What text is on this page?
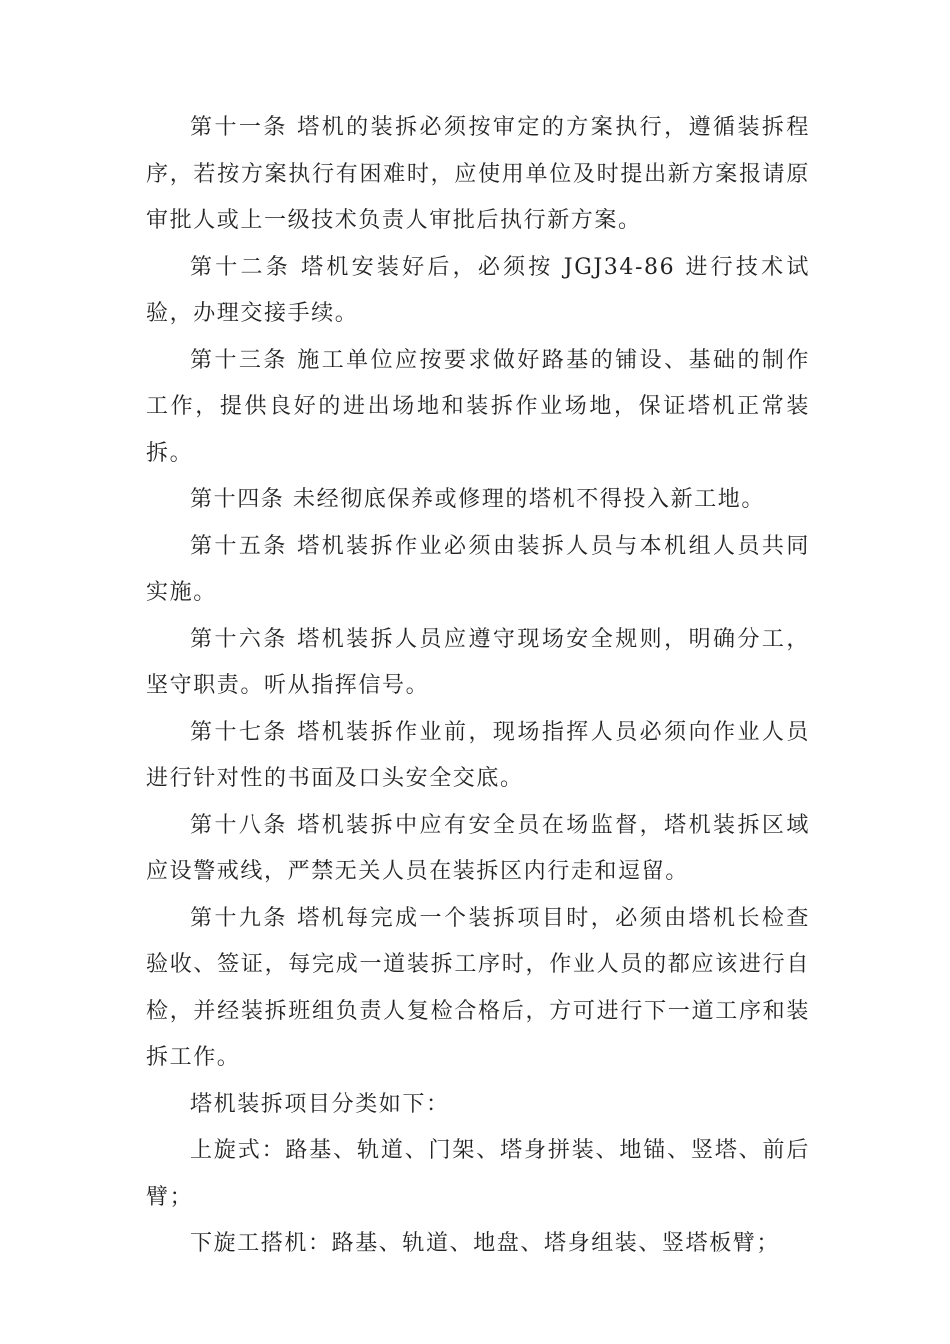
第十一条 塔机的装拆必须按审定的方案执行，遵循装拆程序，若按方案执行有困难时，应使用单位及时提出新方案报请原审批人或上一级技术负责人审批后执行新方案。

第十二条 塔机安装好后，必须按 JGJ34-86 进行技术试验，办理交接手续。

第十三条 施工单位应按要求做好路基的铺设、基础的制作工作，提供良好的进出场地和装拆作业场地，保证塔机正常装拆。

第十四条 未经彻底保养或修理的塔机不得投入新工地。

第十五条 塔机装拆作业必须由装拆人员与本机组人员共同实施。

第十六条 塔机装拆人员应遵守现场安全规则，明确分工，坚守职责。听从指挥信号。

第十七条 塔机装拆作业前，现场指挥人员必须向作业人员进行针对性的书面及口头安全交底。

第十八条 塔机装拆中应有安全员在场监督，塔机装拆区域应设警戒线，严禁无关人员在装拆区内行走和逗留。

第十九条 塔机每完成一个装拆项目时，必须由塔机长检查验收、签证，每完成一道装拆工序时，作业人员的都应该进行自检，并经装拆班组负责人复检合格后，方可进行下一道工序和装拆工作。

塔机装拆项目分类如下：

上旋式：路基、轨道、门架、塔身拼装、地锚、竖塔、前后臂；

下旋工搭机：路基、轨道、地盘、塔身组装、竖塔板臂；
